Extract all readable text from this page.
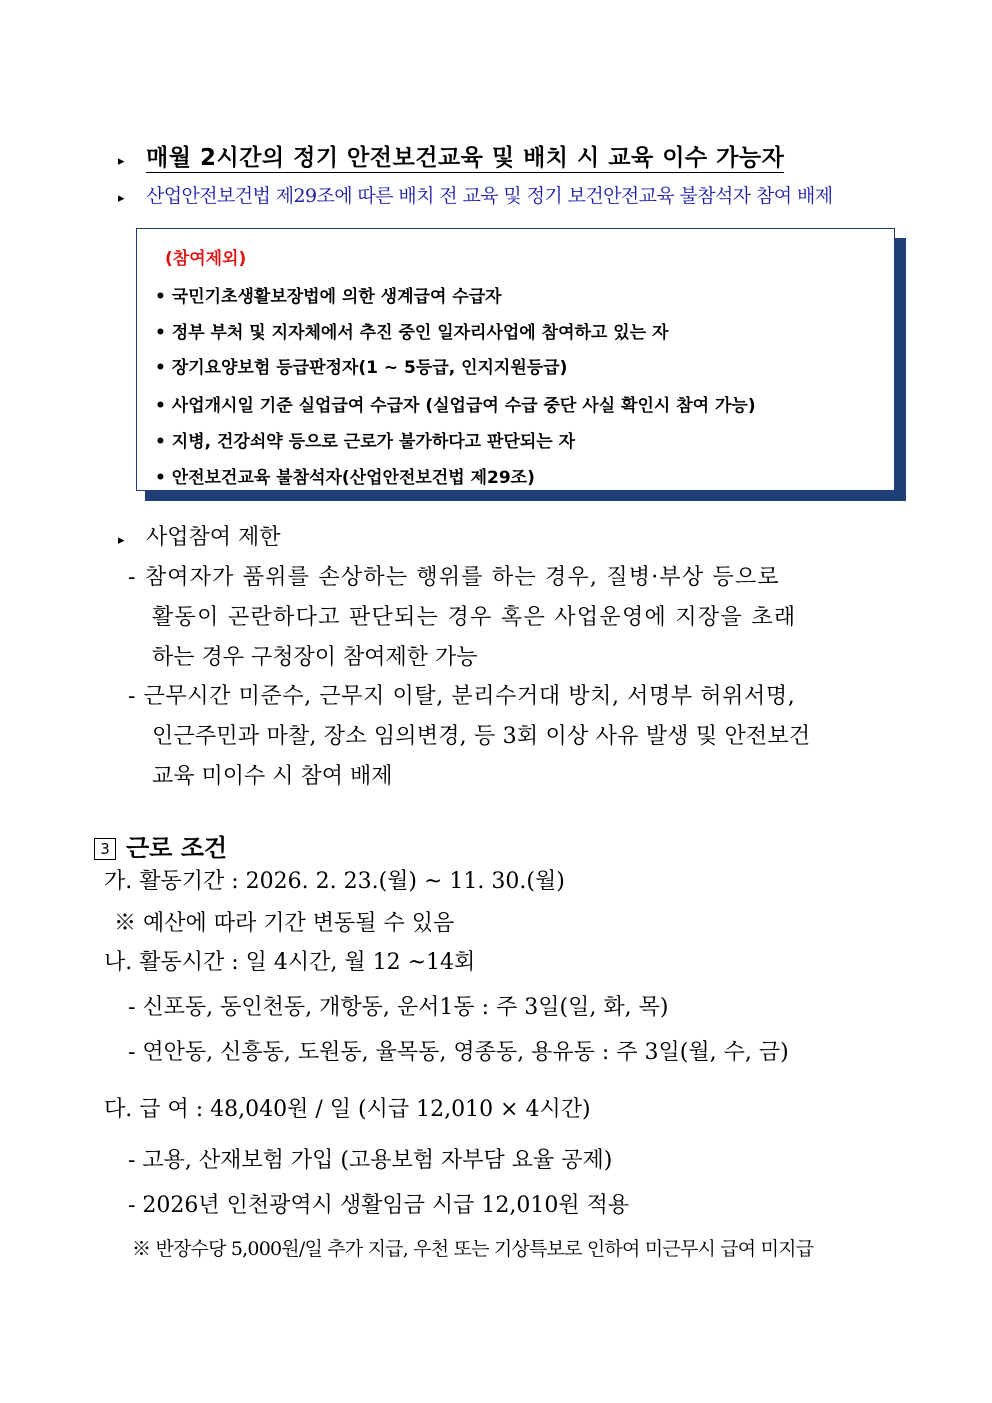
▸ 매월 2시간의 정기 안전보건교육 및 배치 시 교육 이수 가능자
▸ 산업안전보건법 제29조에 따른 배치 전 교육 및 정기 보건안전교육 불참석자 참여 배제
(참여제외)
• 국민기초생활보장법에 의한 생계급여 수급자
• 정부 부처 및 지자체에서 추진 중인 일자리사업에 참여하고 있는 자
• 장기요양보험 등급판정자(1 ~ 5등급, 인지지원등급)
• 사업개시일 기준 실업급여 수급자 (실업급여 수급 중단 사실 확인시 참여 가능)
• 지병, 건강쇠약 등으로 근로가 불가하다고 판단되는 자
• 안전보건교육 불참석자(산업안전보건법 제29조)
▸ 사업참여 제한
- 참여자가 품위를 손상하는 행위를 하는 경우, 질병·부상 등으로
활동이 곤란하다고 판단되는 경우 혹은 사업운영에 지장을 초래
하는 경우 구청장이 참여제한 가능
- 근무시간 미준수, 근무지 이탈, 분리수거대 방치, 서명부 허위서명,
인근주민과 마찰, 장소 임의변경, 등 3회 이상 사유 발생 및 안전보건
교육 미이수 시 참여 배제
3 근로 조건
가. 활동기간 : 2026. 2. 23.(월) ~ 11. 30.(월)
※ 예산에 따라 기간 변동될 수 있음
나. 활동시간 : 일 4시간, 월 12 ~14회
- 신포동, 동인천동, 개항동, 운서1동 : 주 3일(일, 화, 목)
- 연안동, 신흥동, 도원동, 율목동, 영종동, 용유동 : 주 3일(월, 수, 금)
다. 급 여 : 48,040원 / 일 (시급 12,010 × 4시간)
- 고용, 산재보험 가입 (고용보험 자부담 요율 공제)
- 2026년 인천광역시 생활임금 시급 12,010원 적용
※ 반장수당 5,000원/일 추가 지급, 우천 또는 기상특보로 인하여 미근무시 급여 미지급
